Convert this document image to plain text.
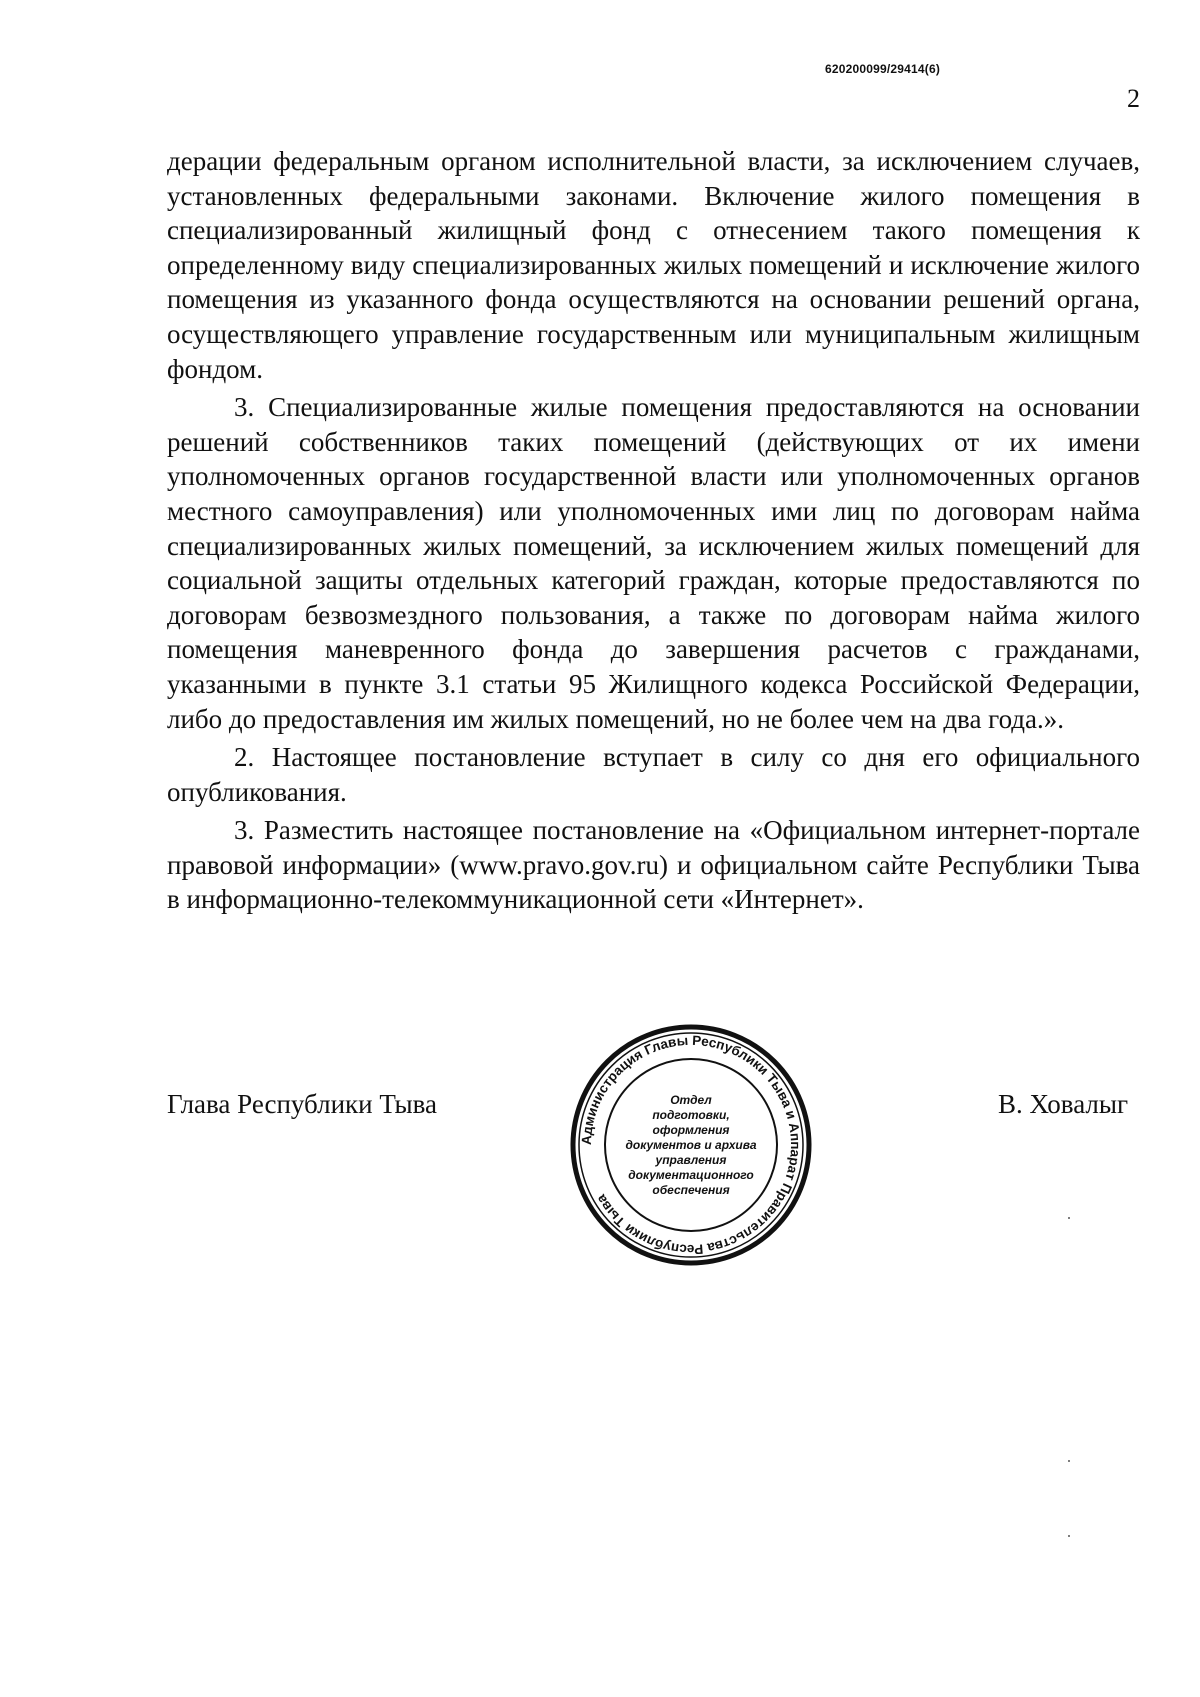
620200099/29414(6)
2

дерации федеральным органом исполнительной власти, за исключением случаев, установленных федеральными законами. Включение жилого помещения в специализированный жилищный фонд с отнесением такого помещения к определенному виду специализированных жилых помещений и исключение жилого помещения из указанного фонда осуществляются на основании решений органа, осуществляющего управление государственным или муниципальным жилищным фондом.

3. Специализированные жилые помещения предоставляются на основании решений собственников таких помещений (действующих от их имени уполномоченных органов государственной власти или уполномоченных органов местного самоуправления) или уполномоченных ими лиц по договорам найма специализированных жилых помещений, за исключением жилых помещений для социальной защиты отдельных категорий граждан, которые предоставляются по договорам безвозмездного пользования, а также по договорам найма жилого помещения маневренного фонда до завершения расчетов с гражданами, указанными в пункте 3.1 статьи 95 Жилищного кодекса Российской Федерации, либо до предоставления им жилых помещений, но не более чем на два года.».

2. Настоящее постановление вступает в силу со дня его официального опубликования.

3. Разместить настоящее постановление на «Официальном интернет-портале правовой информации» (www.pravo.gov.ru) и официальном сайте Республики Тыва в информационно-телекоммуникационной сети «Интернет».

Глава Республики Тыва	В. Ховалыг
Администрация Главы Республики Тыва и Аппарат Правительства Республики Тыва
Отдел
подготовки,
оформления
документов и архива
управления
документационного
обеспечения
